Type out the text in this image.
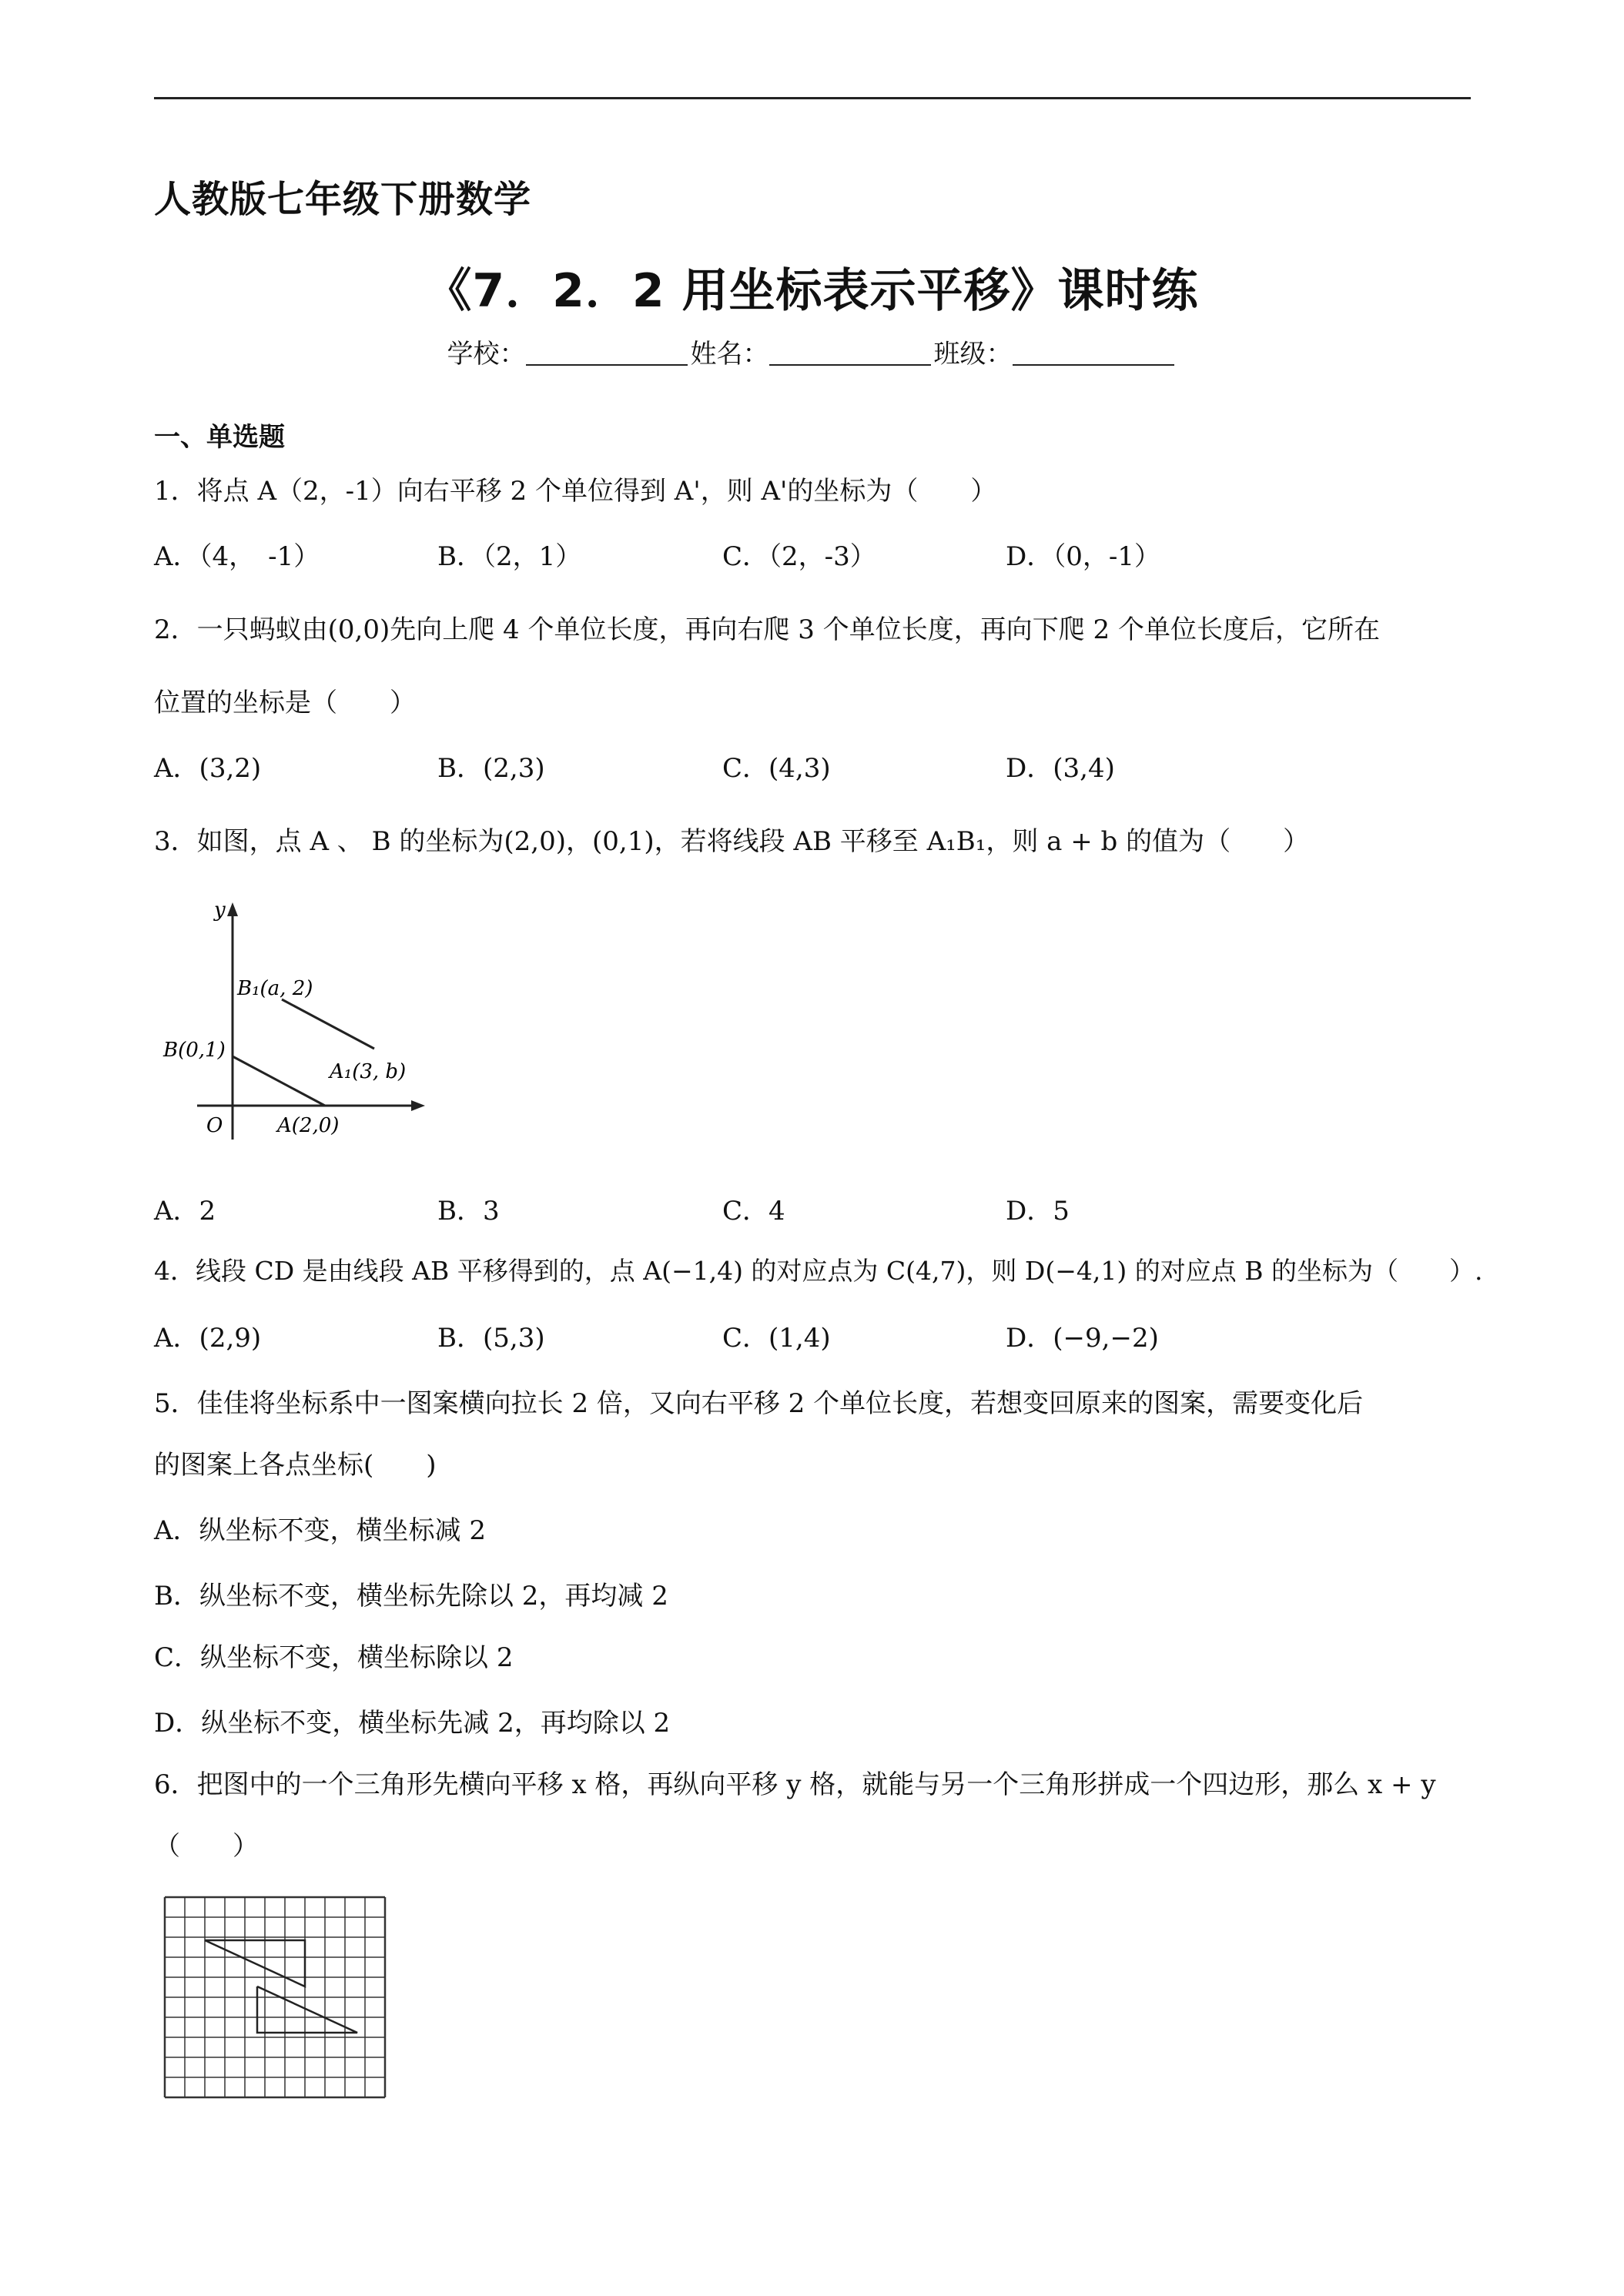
人教版七年级下册数学
《7．2．2 用坐标表示平移》课时练
学校：	姓名：	班级：
一、单选题
1．将点 A（2，-1）向右平移 2 个单位得到 A'，则 A'的坐标为（　　）
A．（4，　-1）	B．（2，1）	C．（2，-3）	D．（0，-1）
2．一只蚂蚁由(0,0)先向上爬 4 个单位长度，再向右爬 3 个单位长度，再向下爬 2 个单位长度后，它所在
位置的坐标是（　　）
A．(3,2)	B．(2,3)	C．(4,3)	D．(3,4)
3．如图，点 A 、 B 的坐标为(2,0)，(0,1)，若将线段 AB 平移至 A₁B₁，则 a + b 的值为（　　）
y
B₁(a, 2)
B(0,1)
A₁(3, b)
O	A(2,0)
A．2	B．3	C．4	D．5
4．线段 CD 是由线段 AB 平移得到的，点 A(−1,4) 的对应点为 C(4,7)，则 D(−4,1) 的对应点 B 的坐标为（　　）.
A．(2,9)	B．(5,3)	C．(1,4)	D．(−9,−2)
5．佳佳将坐标系中一图案横向拉长 2 倍，又向右平移 2 个单位长度，若想变回原来的图案，需要变化后
的图案上各点坐标(　　)
A．纵坐标不变，横坐标减 2
B．纵坐标不变，横坐标先除以 2，再均减 2
C．纵坐标不变，横坐标除以 2
D．纵坐标不变，横坐标先减 2，再均除以 2
6．把图中的一个三角形先横向平移 x 格，再纵向平移 y 格，就能与另一个三角形拼成一个四边形，那么 x + y
（　　）
